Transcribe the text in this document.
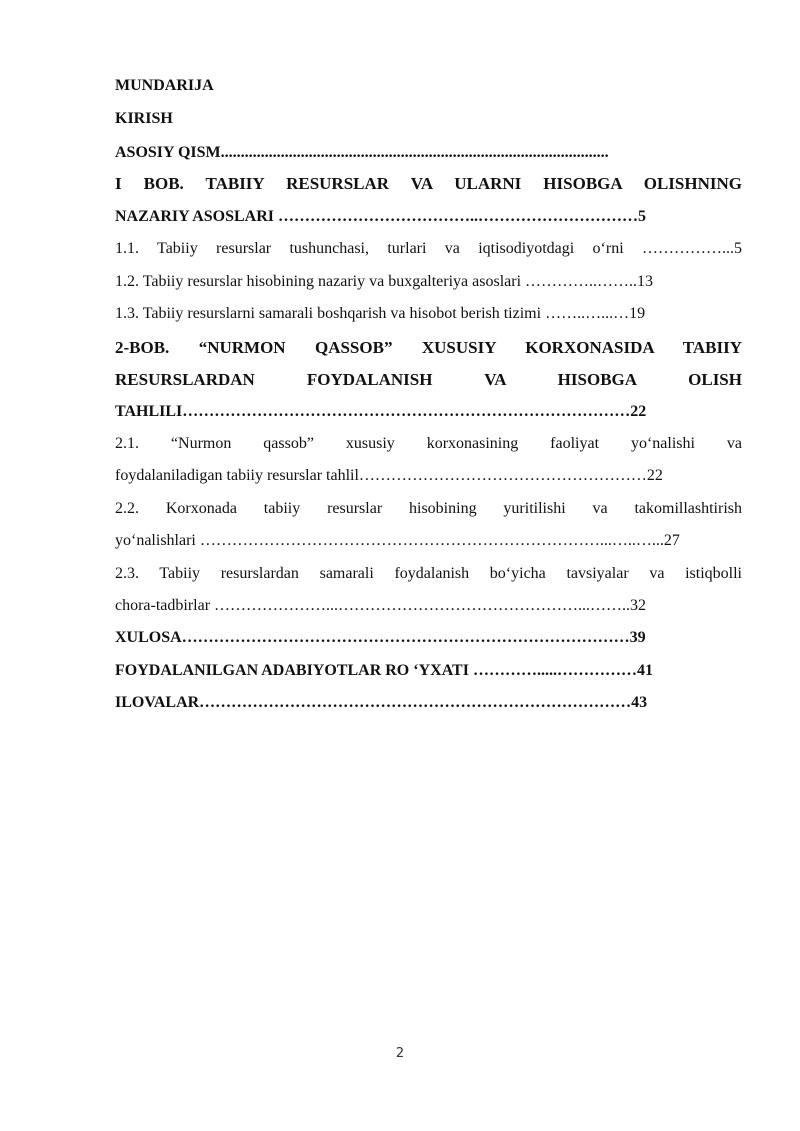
MUNDARIJA
KIRISH
ASOSIY QISM.................................................................................................
I BOB. TABIIY RESURSLAR VA ULARNI HISOBGA OLISHNING
NAZARIY ASOSLARI ………………………………..…………………………5
1.1. Tabiiy resurslar tushunchasi, turlari va iqtisodiyotdagi o‘rni ……………...5
1.2. Tabiiy resurslar hisobining nazariy va buxgalteriya asoslari …………..……..13
1.3. Tabiiy resurslarni samarali boshqarish va hisobot berish tizimi ……..…...…19
2-BOB. “NURMON QASSOB” XUSUSIY KORXONASIDA TABIIY
RESURSLARDAN FOYDALANISH VA HISOBGA OLISH
TAHLILI…………………………………………………………………………22
2.1. “Nurmon qassob” xususiy korxonasining faoliyat yo‘nalishi va
foydalaniladigan tabiiy resurslar tahlil………………………………………………22
2.2. Korxonada tabiiy resurslar hisobining yuritilishi va takomillashtirish
yo‘nalishlari …………………………………………………………………...…..…...27
2.3. Tabiiy resurslardan samarali foydalanish bo‘yicha tavsiyalar va istiqbolli
chora-tadbirlar …………………...………………………………………...……..32
XULOSA…………………………………………………………………………39
FOYDALANILGAN ADABIYOTLAR RO ‘YXATI ………….....……………41
ILOVALAR………………………………………………………………………43
2
